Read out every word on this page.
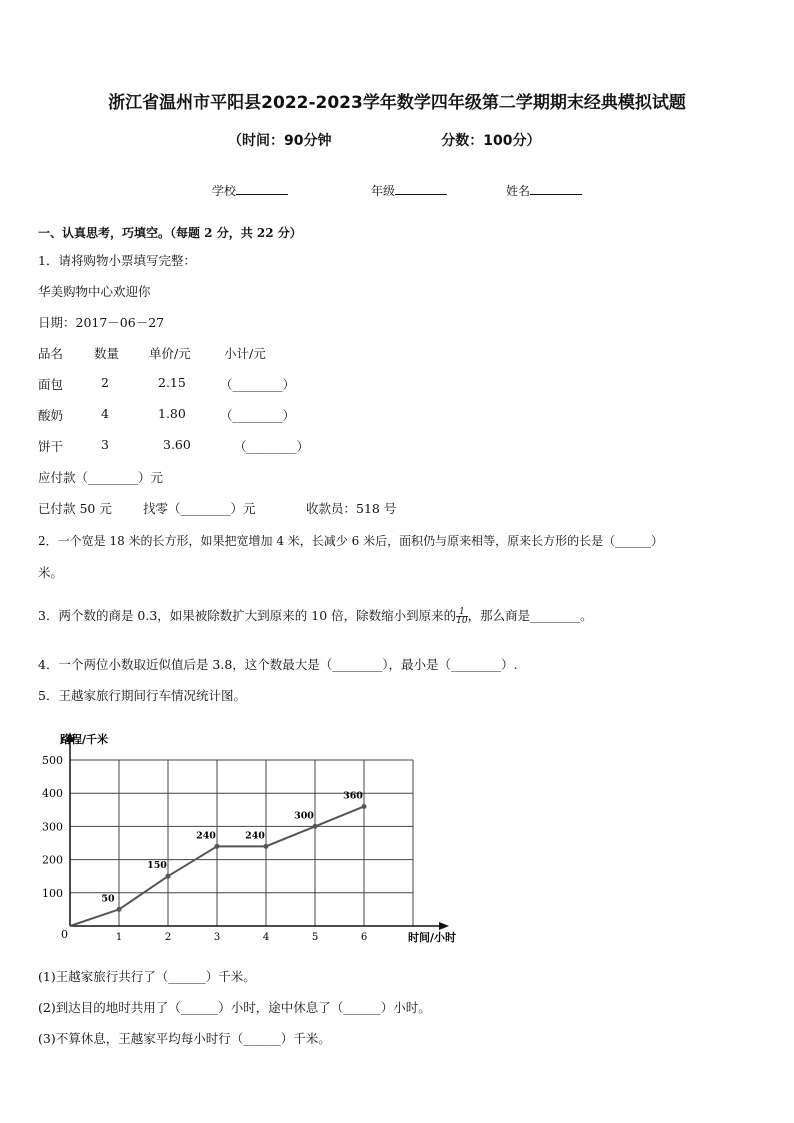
浙江省温州市平阳县2022-2023学年数学四年级第二学期期末经典模拟试题
（时间：90分钟	分数：100分）
学校	年级	姓名
一、认真思考，巧填空。（每题 2 分，共 22 分）
1．请将购物小票填写完整：
华美购物中心欢迎你
日期：2017－06－27
品名 数量 单价/元	小计/元
面包	2	2.15	（________）
酸奶	4	1.80	（________）
饼干	3	3.60	（________）
应付款（________）元
已付款 50 元 找零（________）元	收款员：518 号
2．一个宽是 18 米的长方形，如果把宽增加 4 米，长减少 6 米后，面积仍与原来相等，原来长方形的长是（______）
米。
3．两个数的商是 0.3，如果被除数扩大到原来的 10 倍，除数缩小到原来的 $\frac{1}{10}$ ，那么商是________。
4．一个两位小数取近似值后是 3.8，这个数最大是（________），最小是（________）.
5．王越家旅行期间行车情况统计图。
路程/千米
时间/小时
0
100
200
300
400
500
1	2	3	4	5	6
50
150
240	240
300
360
(1)王越家旅行共行了（______）千米。
(2)到达目的地时共用了（______）小时，途中休息了（______）小时。
(3)不算休息，王越家平均每小时行（______）千米。
